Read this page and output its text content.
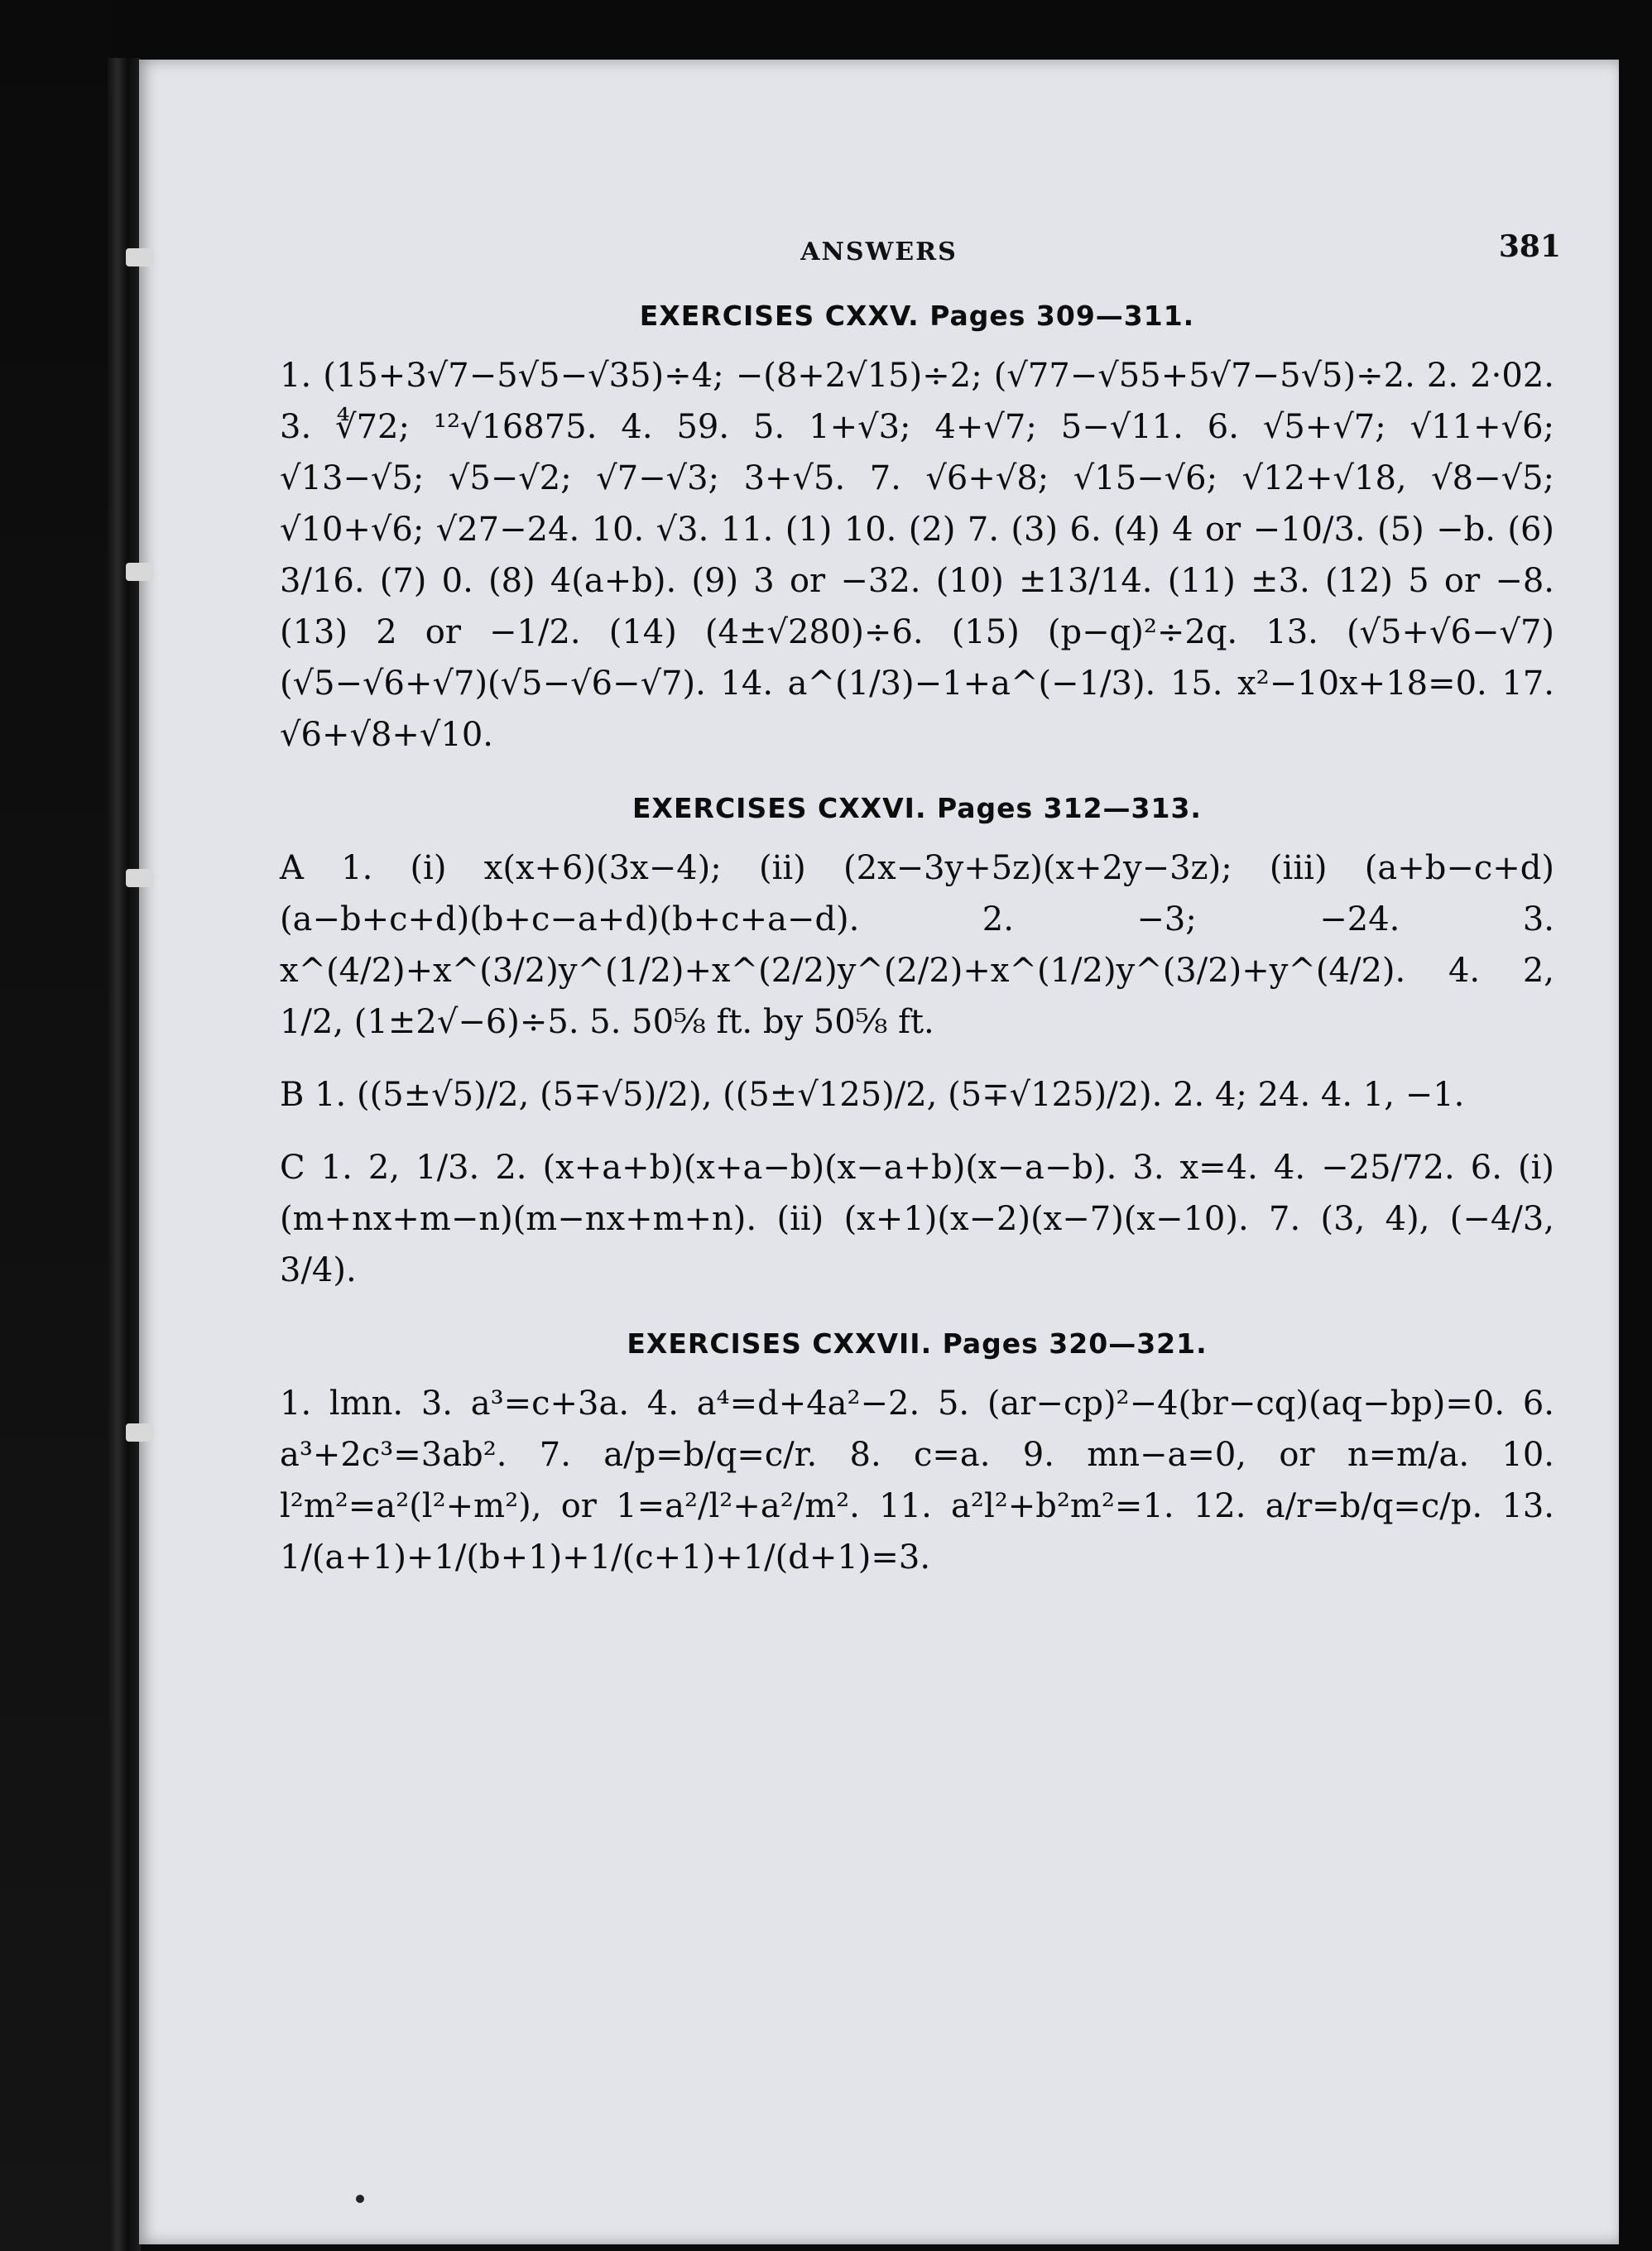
ANSWERS	381
EXERCISES CXXV. Pages 309—311.

1. (15+3√7−5√5−√35)÷4; −(8+2√15)÷2; (√77−√55+5√7−5√5)÷2. 2. 2·02. 3. ∜72; ¹²√16875. 4. 59. 5. 1+√3; 4+√7; 5−√11. 6. √5+√7; √11+√6; √13−√5; √5−√2; √7−√3; 3+√5. 7. √6+√8; √15−√6; √12+√18, √8−√5; √10+√6; √27−24. 10. √3. 11. (1) 10. (2) 7. (3) 6. (4) 4 or −10/3. (5) −b. (6) 3/16. (7) 0. (8) 4(a+b). (9) 3 or −32. (10) ±13/14. (11) ±3. (12) 5 or −8. (13) 2 or −1/2. (14) (4±√280)÷6. (15) (p−q)²÷2q. 13. (√5+√6−√7)(√5−√6+√7)(√5−√6−√7). 14. a^(1/3)−1+a^(−1/3). 15. x²−10x+18=0. 17. √6+√8+√10.

EXERCISES CXXVI. Pages 312—313.

A 1. (i) x(x+6)(3x−4); (ii) (2x−3y+5z)(x+2y−3z); (iii) (a+b−c+d)(a−b+c+d)(b+c−a+d)(b+c+a−d). 2. −3; −24. 3. x^(4/2)+x^(3/2)y^(1/2)+x^(2/2)y^(2/2)+x^(1/2)y^(3/2)+y^(4/2). 4. 2, 1/2, (1±2√−6)÷5. 5. 50⅝ ft. by 50⅝ ft.

B 1. ((5±√5)/2, (5∓√5)/2), ((5±√125)/2, (5∓√125)/2). 2. 4; 24. 4. 1, −1.

C 1. 2, 1/3. 2. (x+a+b)(x+a−b)(x−a+b)(x−a−b). 3. x=4. 4. −25/72. 6. (i) (m+nx+m−n)(m−nx+m+n). (ii) (x+1)(x−2)(x−7)(x−10). 7. (3, 4), (−4/3, 3/4).

EXERCISES CXXVII. Pages 320—321.

1. lmn. 3. a³=c+3a. 4. a⁴=d+4a²−2. 5. (ar−cp)²−4(br−cq)(aq−bp)=0. 6. a³+2c³=3ab². 7. a/p=b/q=c/r. 8. c=a. 9. mn−a=0, or n=m/a. 10. l²m²=a²(l²+m²), or 1=a²/l²+a²/m². 11. a²l²+b²m²=1. 12. a/r=b/q=c/p. 13. 1/(a+1)+1/(b+1)+1/(c+1)+1/(d+1)=3.
